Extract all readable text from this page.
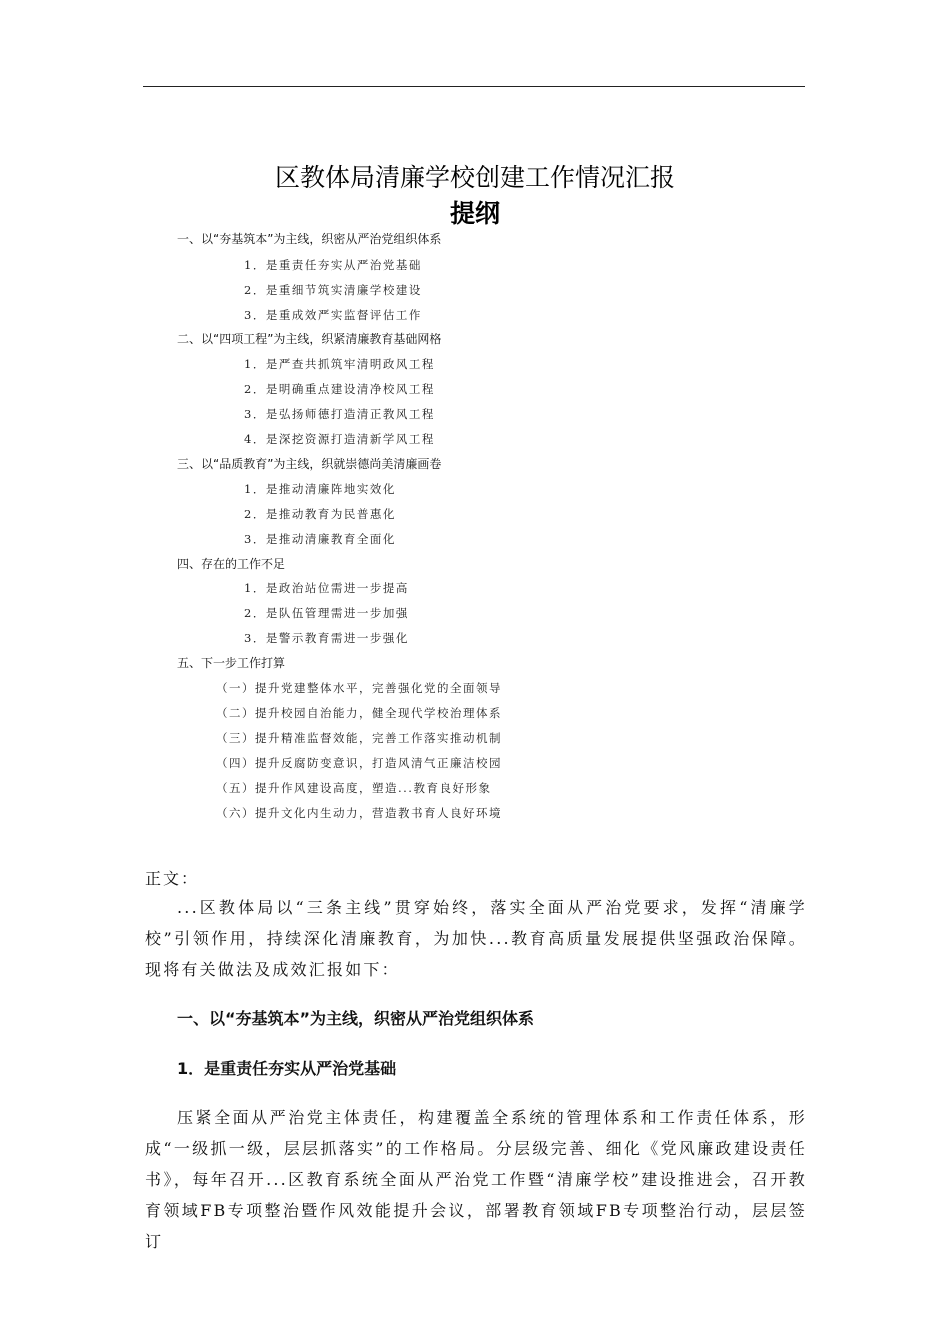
区教体局清廉学校创建工作情况汇报
提纲
一、以“夯基筑本”为主线，织密从严治党组织体系
1．是重责任夯实从严治党基础
2．是重细节筑实清廉学校建设
3．是重成效严实监督评估工作
二、以“四项工程”为主线，织紧清廉教育基础网格
1．是严查共抓筑牢清明政风工程
2．是明确重点建设清净校风工程
3．是弘扬师德打造清正教风工程
4．是深挖资源打造清新学风工程
三、以“品质教育”为主线，织就崇德尚美清廉画卷
1．是推动清廉阵地实效化
2．是推动教育为民普惠化
3．是推动清廉教育全面化
四、存在的工作不足
1．是政治站位需进一步提高
2．是队伍管理需进一步加强
3．是警示教育需进一步强化
五、下一步工作打算
（一）提升党建整体水平，完善强化党的全面领导
（二）提升校园自治能力，健全现代学校治理体系
（三）提升精准监督效能，完善工作落实推动机制
（四）提升反腐防变意识，打造风清气正廉洁校园
（五）提升作风建设高度，塑造...教育良好形象
（六）提升文化内生动力，营造教书育人良好环境
正文：

...区教体局以“三条主线”贯穿始终，落实全面从严治党要求，发挥“清廉学校”引领作用，持续深化清廉教育，为加快...教育高质量发展提供坚强政治保障。现将有关做法及成效汇报如下：

一、以“夯基筑本”为主线，织密从严治党组织体系
1．是重责任夯实从严治党基础

压紧全面从严治党主体责任，构建覆盖全系统的管理体系和工作责任体系，形成“一级抓一级，层层抓落实”的工作格局。分层级完善、细化《党风廉政建设责任书》，每年召开...区教育系统全面从严治党工作暨“清廉学校”建设推进会，召开教育领域FB专项整治暨作风效能提升会议，部署教育领域FB专项整治行动，层层签订
